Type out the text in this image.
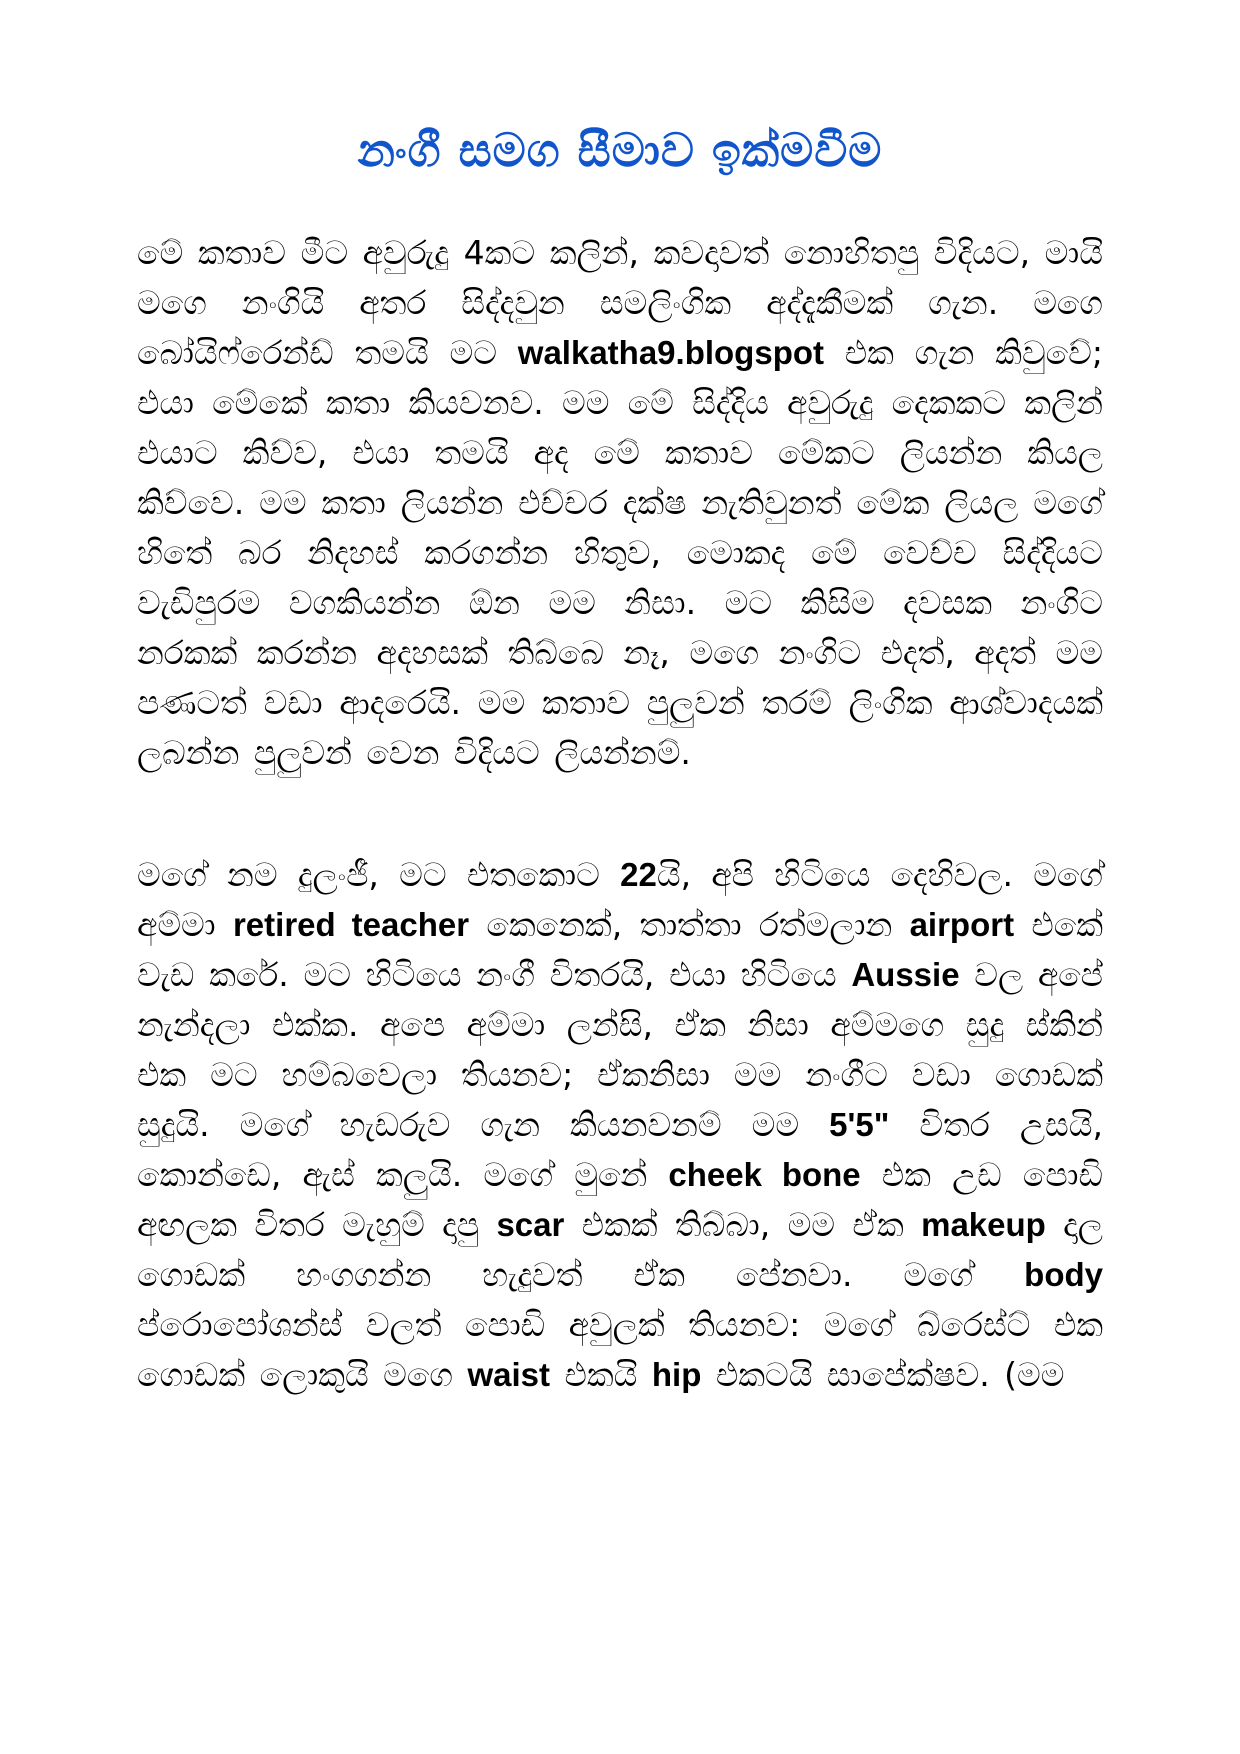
නංගී සමග සීමාව ඉක්මවීම

මේ කතාව මීට අවුරුදු 4කට කලින්, කවදාවත් නොහිතපු විදියට, මායි මගෙ නංගියි අතර සිද්දවුන සමලිංගික අද්දැකීමක් ගැන. මගෙ බෝයිෆ්රෙන්ඩ් තමයි මට walkatha9.blogspot එක ගැන කිවුවේ; එයා මේකේ කතා කියවනව. මම මේ සිද්දිය අවුරුදු දෙකකට කලින් එයාට කිව්ව, එයා තමයි අද මේ කතාව මේකට ලියන්න කියල කිව්වෙ. මම කතා ලියන්න එච්චර දක්ෂ නැතිවුනත් මේක ලියල මගේ හිතේ බර නිදහස් කරගන්න හිතුව, මොකද මේ වෙච්ච සිද්දියට වැඩිපුරම වගකියන්න ඕන මම නිසා. මට කිසිම දවසක නංගිට නරකක් කරන්න අදහසක් තිබ්බෙ නෑ, මගෙ නංගිට එදත්, අදත් මම පණටත් වඩා ආදරෙයි. මම කතාව පුලුවන් තරම් ලිංගික ආශ්වාදයක් ලබන්න පුලුවන් වෙන විදියට ලියන්නම්.

මගේ නම දුලංජී, මට එතකොට 22යි, අපි හිටියෙ දෙහිවල. මගේ අම්මා retired teacher කෙනෙක්, තාත්තා රත්මලාන airport එකේ වැඩ කරේ. මට හිටියෙ නංගී විතරයි, එයා හිටියෙ Aussie වල අපේ නැන්දලා එක්ක. අපෙ අම්මා ලන්සි, ඒක නිසා අම්මගෙ සුදු ස්කින් එක මට හම්බවෙලා තියනව; ඒකනිසා මම නංගීට වඩා ගොඩක් සුදුයි. මගේ හැඩරුව ගැන කියනවනම් මම 5'5" විතර උසයි, කොන්ඩෙ, ඇස් කලුයි. මගේ මුනේ cheek bone එක උඩ පොඩි අඟලක විතර මැහුම් දාපු scar එකක් තිබ්බා, මම ඒක makeup දාල ගොඩක් හංගගන්න හැදුවත් ඒක පේනවා. මගේ body ප්රොපෝශන්ස් වලත් පොඩි අවුලක් තියනව: මගේ බ්රෙස්ට් එක ගොඩක් ලොකුයි මගෙ waist එකයි hip එකටයි සාපේක්ෂව. (මම
